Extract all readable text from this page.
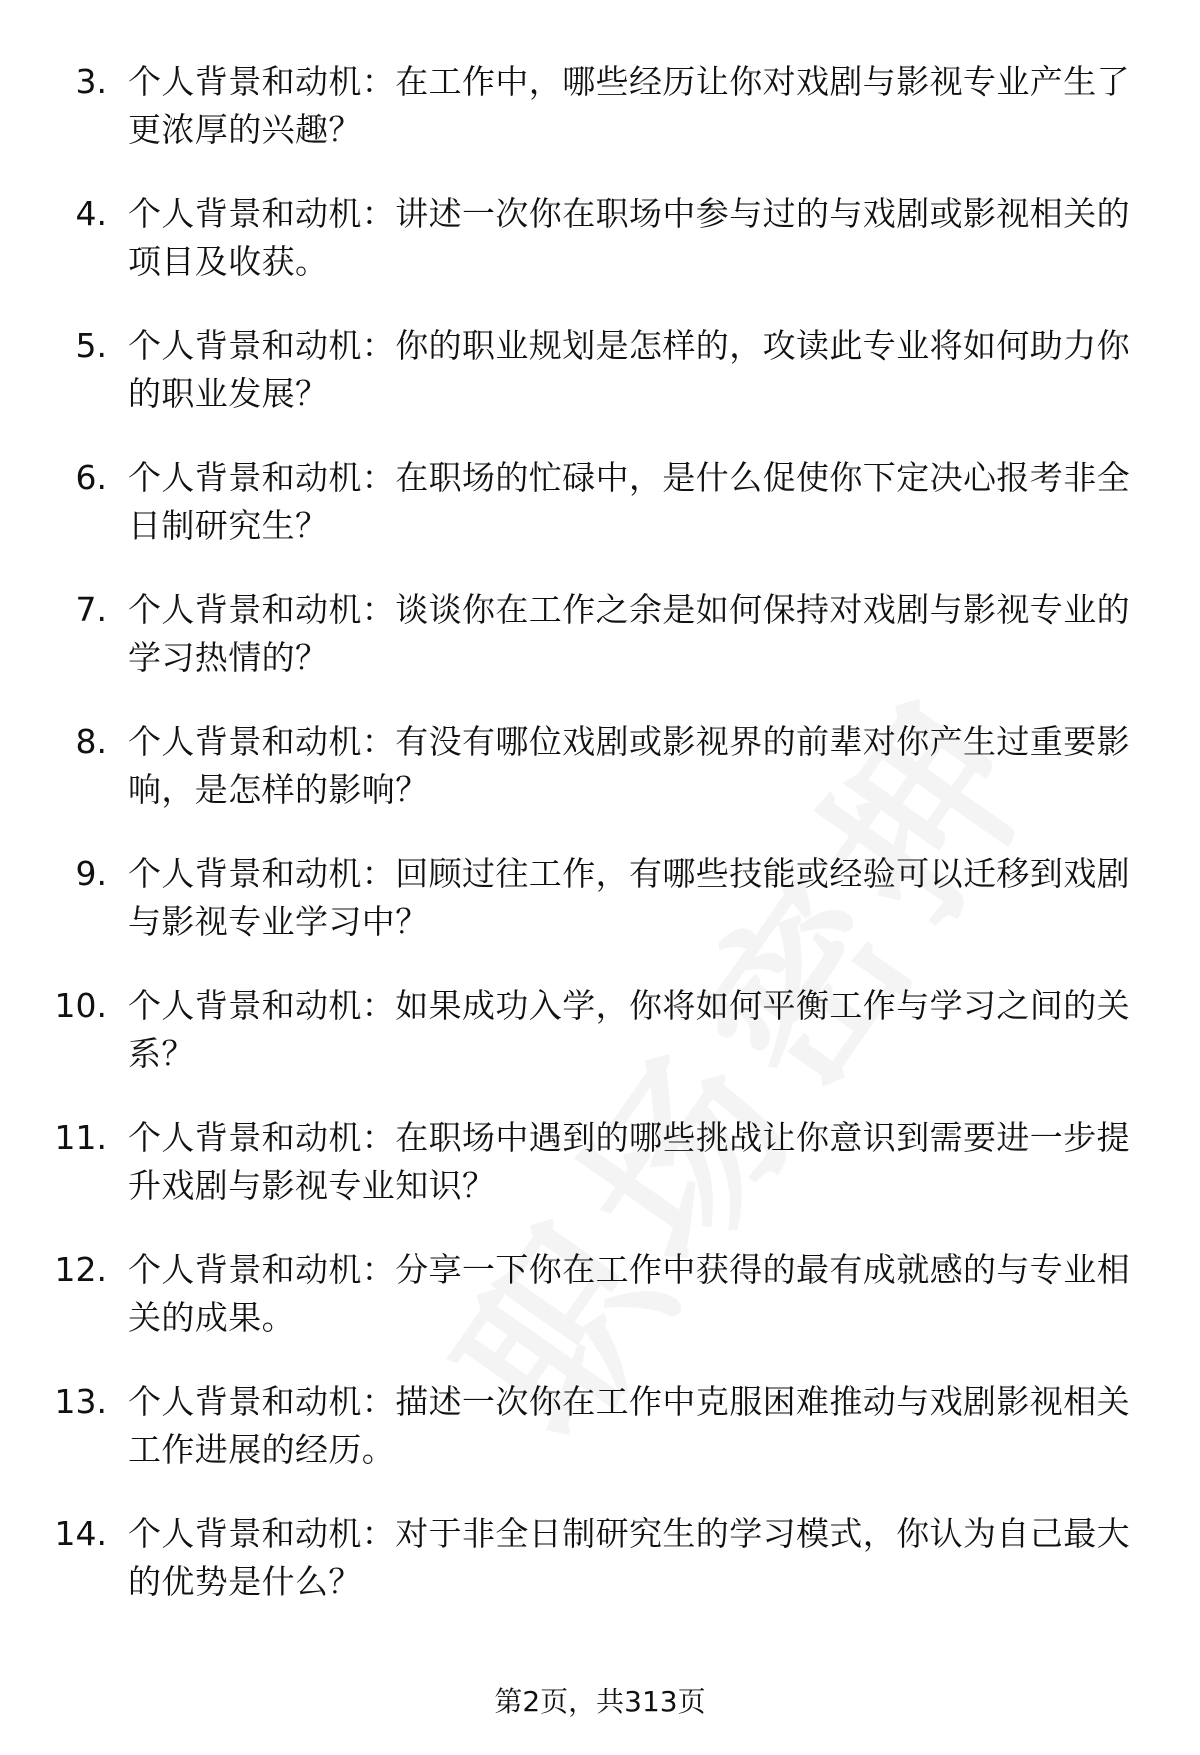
3. 个人背景和动机：在工作中，哪些经历让你对戏剧与影视专业产生了更浓厚的兴趣？
4. 个人背景和动机：讲述一次你在职场中参与过的与戏剧或影视相关的项目及收获。
5. 个人背景和动机：你的职业规划是怎样的，攻读此专业将如何助力你的职业发展？
6. 个人背景和动机：在职场的忙碌中，是什么促使你下定决心报考非全日制研究生？
7. 个人背景和动机：谈谈你在工作之余是如何保持对戏剧与影视专业的学习热情的？
8. 个人背景和动机：有没有哪位戏剧或影视界的前辈对你产生过重要影响，是怎样的影响？
9. 个人背景和动机：回顾过往工作，有哪些技能或经验可以迁移到戏剧与影视专业学习中？
10. 个人背景和动机：如果成功入学，你将如何平衡工作与学习之间的关系？
11. 个人背景和动机：在职场中遇到的哪些挑战让你意识到需要进一步提升戏剧与影视专业知识？
12. 个人背景和动机：分享一下你在工作中获得的最有成就感的与专业相关的成果。
13. 个人背景和动机：描述一次你在工作中克服困难推动与戏剧影视相关工作进展的经历。
14. 个人背景和动机：对于非全日制研究生的学习模式，你认为自己最大的优势是什么？
第2页，共313页
